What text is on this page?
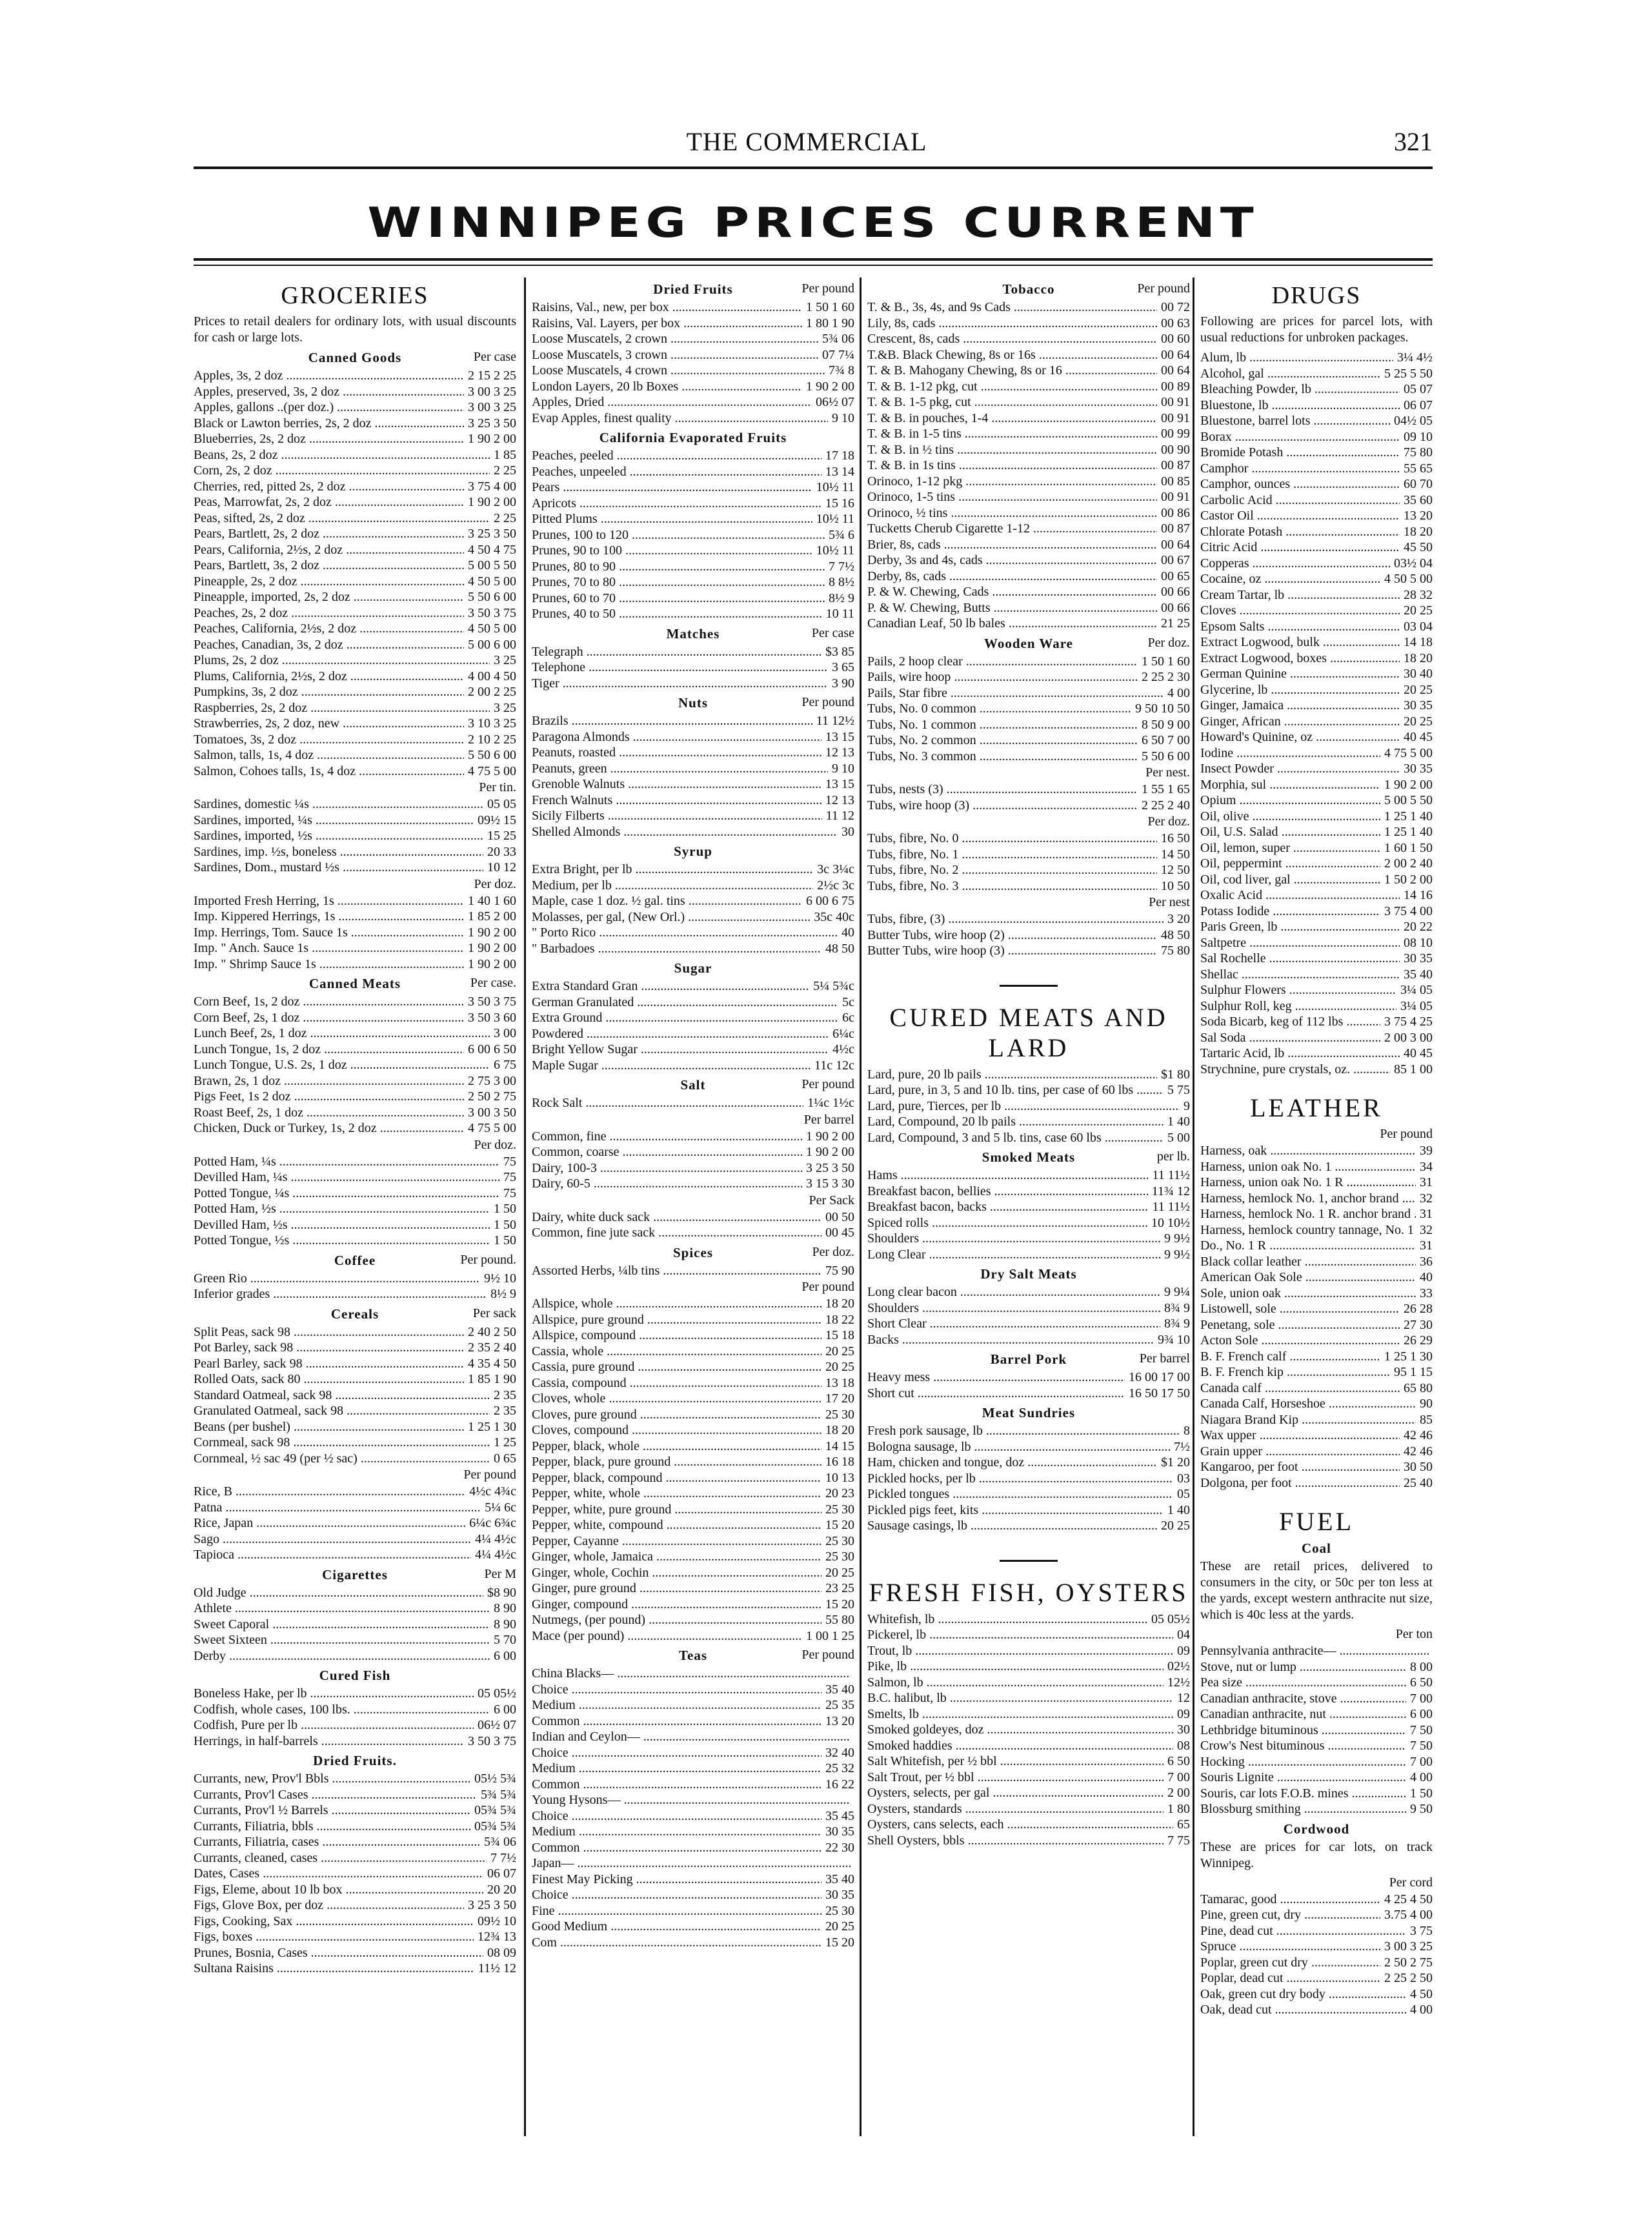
THE COMMERCIAL	321
WINNIPEG PRICES CURRENT
GROCERIES
Prices to retail dealers for ordinary lots, with usual discounts for cash or large lots.
Canned Goods	Per case
Apples, 3s, 2 doz .....	2 15 2 25
Apples, preserved, 3s, 2 doz .....	3 00 3 25
Apples, gallons ..(per doz.) .....	3 00 3 25
Black or Lawton berries, 2s, 2 doz .....	3 25 3 50
Blueberries, 2s, 2 doz .....	1 90 2 00
Beans, 2s, 2 doz .....	1 85
Corn, 2s, 2 doz .....	2 25
Cherries, red, pitted 2s, 2 doz .....	3 75 4 00
Peas, Marrowfat, 2s, 2 doz .....	1 90 2 00
Peas, sifted, 2s, 2 doz .....	2 25
Pears, Bartlett, 2s, 2 doz .....	3 25 3 50
Pears, California, 2½s, 2 doz .....	4 50 4 75
Pears, Bartlett, 3s, 2 doz .....	5 00 5 50
Pineapple, 2s, 2 doz .....	4 50 5 00
Pineapple, imported, 2s, 2 doz .....	5 50 6 00
Peaches, 2s, 2 doz .....	3 50 3 75
Peaches, California, 2½s, 2 doz .....	4 50 5 00
Peaches, Canadian, 3s, 2 doz .....	5 00 6 00
Plums, 2s, 2 doz .....	3 25
Plums, California, 2½s, 2 doz .....	4 00 4 50
Pumpkins, 3s, 2 doz .....	2 00 2 25
Raspberries, 2s, 2 doz .....	3 25
Strawberries, 2s, 2 doz, new .....	3 10 3 25
Tomatoes, 3s, 2 doz .....	2 10 2 25
Salmon, talls, 1s, 4 doz .....	5 50 6 00
Salmon, Cohoes talls, 1s, 4 doz .....	4 75 5 00
Per tin.
Sardines, domestic ¼s .....	05 05
Sardines, imported, ¼s .....	09½ 15
Sardines, imported, ½s .....	15 25
Sardines, imp. ½s, boneless .....	20 33
Sardines, Dom., mustard ½s .....	10 12
Per doz.
Imported Fresh Herring, 1s .....	1 40 1 60
Imp. Kippered Herrings, 1s .....	1 85 2 00
Imp. Herrings, Tom. Sauce 1s .....	1 90 2 00
Imp. " Anch. Sauce 1s .....	1 90 2 00
Imp. " Shrimp Sauce 1s .....	1 90 2 00
Canned Meats	Per case.
Corn Beef, 1s, 2 doz .....	3 50 3 75
Corn Beef, 2s, 1 doz .....	3 50 3 60
Lunch Beef, 2s, 1 doz .....	3 00
Lunch Tongue, 1s, 2 doz .....	6 00 6 50
Lunch Tongue, U.S. 2s, 1 doz .....	6 75
Brawn, 2s, 1 doz .....	2 75 3 00
Pigs Feet, 1s 2 doz .....	2 50 2 75
Roast Beef, 2s, 1 doz .....	3 00 3 50
Chicken, Duck or Turkey, 1s, 2 doz .....	4 75 5 00
Per doz.
Potted Ham, ¼s .....	75
Devilled Ham, ¼s .....	75
Potted Tongue, ¼s .....	75
Potted Ham, ½s .....	1 50
Devilled Ham, ½s .....	1 50
Potted Tongue, ½s .....	1 50
Coffee	Per pound.
Green Rio .....	9½ 10
Inferior grades .....	8½ 9
Cereals	Per sack
Split Peas, sack 98 .....	2 40 2 50
Pot Barley, sack 98 .....	2 35 2 40
Pearl Barley, sack 98 .....	4 35 4 50
Rolled Oats, sack 80 .....	1 85 1 90
Standard Oatmeal, sack 98 .....	2 35
Granulated Oatmeal, sack 98 .....	2 35
Beans (per bushel) .....	1 25 1 30
Cornmeal, sack 98 .....	1 25
Cornmeal, ½ sac 49 (per ½ sac) .....	0 65
Per pound
Rice, B .....	4½c 4¾c
Patna .....	5¼ 6c
Rice, Japan .....	6¼c 6¾c
Sago .....	4¼ 4½c
Tapioca .....	4¼ 4½c
Cigarettes	Per M
Old Judge .....	$8 90
Athlete .....	8 90
Sweet Caporal .....	8 90
Sweet Sixteen .....	5 70
Derby .....	6 00
Cured Fish
Boneless Hake, per lb .....	05 05½
Codfish, whole cases, 100 lbs. .....	6 00
Codfish, Pure per lb .....	06½ 07
Herrings, in half-barrels .....	3 50 3 75
Dried Fruits.
Currants, new, Prov'l Bbls .....	05½ 5¾
Currants, Prov'l Cases .....	5¾ 5¾
Currants, Prov'l ½ Barrels .....	05¾ 5¾
Currants, Filiatria, bbls .....	05¾ 5¾
Currants, Filiatria, cases .....	5¾ 06
Currants, cleaned, cases .....	7 7½
Dates, Cases .....	06 07
Figs, Eleme, about 10 lb box .....	20 20
Figs, Glove Box, per doz .....	3 25 3 50
Figs, Cooking, Sax .....	09½ 10
Figs, boxes .....	12¾ 13
Prunes, Bosnia, Cases .....	08 09
Sultana Raisins .....	11½ 12
Dried Fruits	Per pound
Raisins, Val., new, per box .....	1 50 1 60
Raisins, Val. Layers, per box .....	1 80 1 90
Loose Muscatels, 2 crown .....	5¾ 06
Loose Muscatels, 3 crown .....	07 7¼
Loose Muscatels, 4 crown .....	7¾ 8
London Layers, 20 lb Boxes .....	1 90 2 00
Apples, Dried .....	06½ 07
Evap Apples, finest quality .....	9 10
California Evaporated Fruits
Peaches, peeled .....	17 18
Peaches, unpeeled .....	13 14
Pears .....	10½ 11
Apricots .....	15 16
Pitted Plums .....	10½ 11
Prunes, 100 to 120 .....	5¾ 6
Prunes, 90 to 100 .....	10½ 11
Prunes, 80 to 90 .....	7 7½
Prunes, 70 to 80 .....	8 8½
Prunes, 60 to 70 .....	8½ 9
Prunes, 40 to 50 .....	10 11
Matches	Per case
Telegraph .....	$3 85
Telephone .....	3 65
Tiger .....	3 90
Nuts	Per pound
Brazils .....	11 12½
Paragona Almonds .....	13 15
Peanuts, roasted .....	12 13
Peanuts, green .....	9 10
Grenoble Walnuts .....	13 15
French Walnuts .....	12 13
Sicily Filberts .....	11 12
Shelled Almonds .....	30
Syrup
Extra Bright, per lb .....	3c 3¼c
Medium, per lb .....	2½c 3c
Maple, case 1 doz. ½ gal. tins .....	6 00 6 75
Molasses, per gal, (New Orl.) .....	35c 40c
" Porto Rico .....	40
" Barbadoes .....	48 50
Sugar
Extra Standard Gran .....	5¼ 5¾c
German Granulated .....	5c
Extra Ground .....	6c
Powdered .....	6¼c
Bright Yellow Sugar .....	4½c
Maple Sugar .....	11c 12c
Salt	Per pound
Rock Salt .....	1¼c 1½c
Per barrel
Common, fine .....	1 90 2 00
Common, coarse .....	1 90 2 00
Dairy, 100-3 .....	3 25 3 50
Dairy, 60-5 .....	3 15 3 30
Per Sack
Dairy, white duck sack .....	00 50
Common, fine jute sack .....	00 45
Spices	Per doz.
Assorted Herbs, ¼lb tins .....	75 90
Per pound
Allspice, whole .....	18 20
Allspice, pure ground .....	18 22
Allspice, compound .....	15 18
Cassia, whole .....	20 25
Cassia, pure ground .....	20 25
Cassia, compound .....	13 18
Cloves, whole .....	17 20
Cloves, pure ground .....	25 30
Cloves, compound .....	18 20
Pepper, black, whole .....	14 15
Pepper, black, pure ground .....	16 18
Pepper, black, compound .....	10 13
Pepper, white, whole .....	20 23
Pepper, white, pure ground .....	25 30
Pepper, white, compound .....	15 20
Pepper, Cayanne .....	25 30
Ginger, whole, Jamaica .....	25 30
Ginger, whole, Cochin .....	20 25
Ginger, pure ground .....	23 25
Ginger, compound .....	15 20
Nutmegs, (per pound) .....	55 80
Mace (per pound) .....	1 00 1 25
Teas	Per pound
China Blacks— .....
Choice .....	35 40
Medium .....	25 35
Common .....	13 20
Indian and Ceylon— .....
Choice .....	32 40
Medium .....	25 32
Common .....	16 22
Young Hysons— .....
Choice .....	35 45
Medium .....	30 35
Common .....	22 30
Japan— .....
Finest May Picking .....	35 40
Choice .....	30 35
Fine .....	25 30
Good Medium .....	20 25
Com .....	15 20
Tobacco	Per pound
T. & B., 3s, 4s, and 9s Cads .....	00 72
Lily, 8s, cads .....	00 63
Crescent, 8s, cads .....	00 60
T.&B. Black Chewing, 8s or 16s .....	00 64
T. & B. Mahogany Chewing, 8s or 16 .....	00 64
T. & B. 1-12 pkg, cut .....	00 89
T. & B. 1-5 pkg, cut .....	00 91
T. & B. in pouches, 1-4 .....	00 91
T. & B. in 1-5 tins .....	00 99
T. & B. in ½ tins .....	00 90
T. & B. in 1s tins .....	00 87
Orinoco, 1-12 pkg .....	00 85
Orinoco, 1-5 tins .....	00 91
Orinoco, ½ tins .....	00 86
Tucketts Cherub Cigarette 1-12 .....	00 87
Brier, 8s, cads .....	00 64
Derby, 3s and 4s, cads .....	00 67
Derby, 8s, cads .....	00 65
P. & W. Chewing, Cads .....	00 66
P. & W. Chewing, Butts .....	00 66
Canadian Leaf, 50 lb bales .....	21 25
Wooden Ware	Per doz.
Pails, 2 hoop clear .....	1 50 1 60
Pails, wire hoop .....	2 25 2 30
Pails, Star fibre .....	4 00
Tubs, No. 0 common .....	9 50 10 50
Tubs, No. 1 common .....	8 50 9 00
Tubs, No. 2 common .....	6 50 7 00
Tubs, No. 3 common .....	5 50 6 00
Per nest.
Tubs, nests (3) .....	1 55 1 65
Tubs, wire hoop (3) .....	2 25 2 40
Per doz.
Tubs, fibre, No. 0 .....	16 50
Tubs, fibre, No. 1 .....	14 50
Tubs, fibre, No. 2 .....	12 50
Tubs, fibre, No. 3 .....	10 50
Per nest
Tubs, fibre, (3) .....	3 20
Butter Tubs, wire hoop (2) .....	48 50
Butter Tubs, wire hoop (3) .....	75 80
CURED MEATS AND LARD
Lard, pure, 20 lb pails .....	$1 80
Lard, pure, in 3, 5 and 10 lb. tins, per case of 60 lbs .....	5 75
Lard, pure, Tierces, per lb .....	9
Lard, Compound, 20 lb pails .....	1 40
Lard, Compound, 3 and 5 lb. tins, case 60 lbs .....	5 00
Smoked Meats	per lb.
Hams .....	11 11½
Breakfast bacon, bellies .....	11¾ 12
Breakfast bacon, backs .....	11 11½
Spiced rolls .....	10 10½
Shoulders .....	9 9½
Long Clear .....	9 9½
Dry Salt Meats
Long clear bacon .....	9 9¼
Shoulders .....	8¾ 9
Short Clear .....	8¾ 9
Backs .....	9¾ 10
Barrel Pork	Per barrel
Heavy mess .....	16 00 17 00
Short cut .....	16 50 17 50
Meat Sundries
Fresh pork sausage, lb .....	8
Bologna sausage, lb .....	7½
Ham, chicken and tongue, doz .....	$1 20
Pickled hocks, per lb .....	03
Pickled tongues .....	05
Pickled pigs feet, kits .....	1 40
Sausage casings, lb .....	20 25
FRESH FISH, OYSTERS
Whitefish, lb .....	05 05½
Pickerel, lb .....	04
Trout, lb .....	09
Pike, lb .....	02½
Salmon, lb .....	12½
B.C. halibut, lb .....	12
Smelts, lb .....	09
Smoked goldeyes, doz .....	30
Smoked haddies .....	08
Salt Whitefish, per ½ bbl .....	6 50
Salt Trout, per ½ bbl .....	7 00
Oysters, selects, per gal .....	2 00
Oysters, standards .....	1 80
Oysters, cans selects, each .....	65
Shell Oysters, bbls .....	7 75
DRUGS
Following are prices for parcel lots, with usual reductions for unbroken packages.
Alum, lb .....	3¼ 4½
Alcohol, gal .....	5 25 5 50
Bleaching Powder, lb .....	05 07
Bluestone, lb .....	06 07
Bluestone, barrel lots .....	04½ 05
Borax .....	09 10
Bromide Potash .....	75 80
Camphor .....	55 65
Camphor, ounces .....	60 70
Carbolic Acid .....	35 60
Castor Oil .....	13 20
Chlorate Potash .....	18 20
Citric Acid .....	45 50
Copperas .....	03½ 04
Cocaine, oz .....	4 50 5 00
Cream Tartar, lb .....	28 32
Cloves .....	20 25
Epsom Salts .....	03 04
Extract Logwood, bulk .....	14 18
Extract Logwood, boxes .....	18 20
German Quinine .....	30 40
Glycerine, lb .....	20 25
Ginger, Jamaica .....	30 35
Ginger, African .....	20 25
Howard's Quinine, oz .....	40 45
Iodine .....	4 75 5 00
Insect Powder .....	30 35
Morphia, sul .....	1 90 2 00
Opium .....	5 00 5 50
Oil, olive .....	1 25 1 40
Oil, U.S. Salad .....	1 25 1 40
Oil, lemon, super .....	1 60 1 50
Oil, peppermint .....	2 00 2 40
Oil, cod liver, gal .....	1 50 2 00
Oxalic Acid .....	14 16
Potass Iodide .....	3 75 4 00
Paris Green, lb .....	20 22
Saltpetre .....	08 10
Sal Rochelle .....	30 35
Shellac .....	35 40
Sulphur Flowers .....	3¼ 05
Sulphur Roll, keg .....	3¼ 05
Soda Bicarb, keg of 112 lbs .....	3 75 4 25
Sal Soda .....	2 00 3 00
Tartaric Acid, lb .....	40 45
Strychnine, pure crystals, oz. .....	85 1 00
LEATHER
Per pound
Harness, oak .....	39
Harness, union oak No. 1 .....	34
Harness, union oak No. 1 R .....	31
Harness, hemlock No. 1, anchor brand .....	32
Harness, hemlock No. 1 R. anchor brand ..... 31
Harness, hemlock country tannage, No. 1 ..... 32
Do., No. 1 R .....	31
Black collar leather .....	36
American Oak Sole .....	40
Sole, union oak .....	33
Listowell, sole .....	26 28
Penetang, sole .....	27 30
Acton Sole .....	26 29
B. F. French calf .....	1 25 1 30
B. F. French kip .....	95 1 15
Canada calf .....	65 80
Canada Calf, Horseshoe .....	90
Niagara Brand Kip .....	85
Wax upper .....	42 46
Grain upper .....	42 46
Kangaroo, per foot .....	30 50
Dolgona, per foot .....	25 40
FUEL
Coal
These are retail prices, delivered to consumers in the city, or 50c per ton less at the yards, except western anthracite nut size, which is 40c less at the yards.
Per ton
Pennsylvania anthracite— .....
Stove, nut or lump .....	8 00
Pea size .....	6 50
Canadian anthracite, stove .....	7 00
Canadian anthracite, nut .....	6 00
Lethbridge bituminous .....	7 50
Crow's Nest bituminous .....	7 50
Hocking .....	7 00
Souris Lignite .....	4 00
Souris, car lots F.O.B. mines .....	1 50
Blossburg smithing .....	9 50
Cordwood
These are prices for car lots, on track Winnipeg.
Per cord
Tamarac, good .....	4 25 4 50
Pine, green cut, dry .....	3.75 4 00
Pine, dead cut .....	3 75
Spruce .....	3 00 3 25
Poplar, green cut dry .....	2 50 2 75
Poplar, dead cut .....	2 25 2 50
Oak, green cut dry body .....	4 50
Oak, dead cut .....	4 00
